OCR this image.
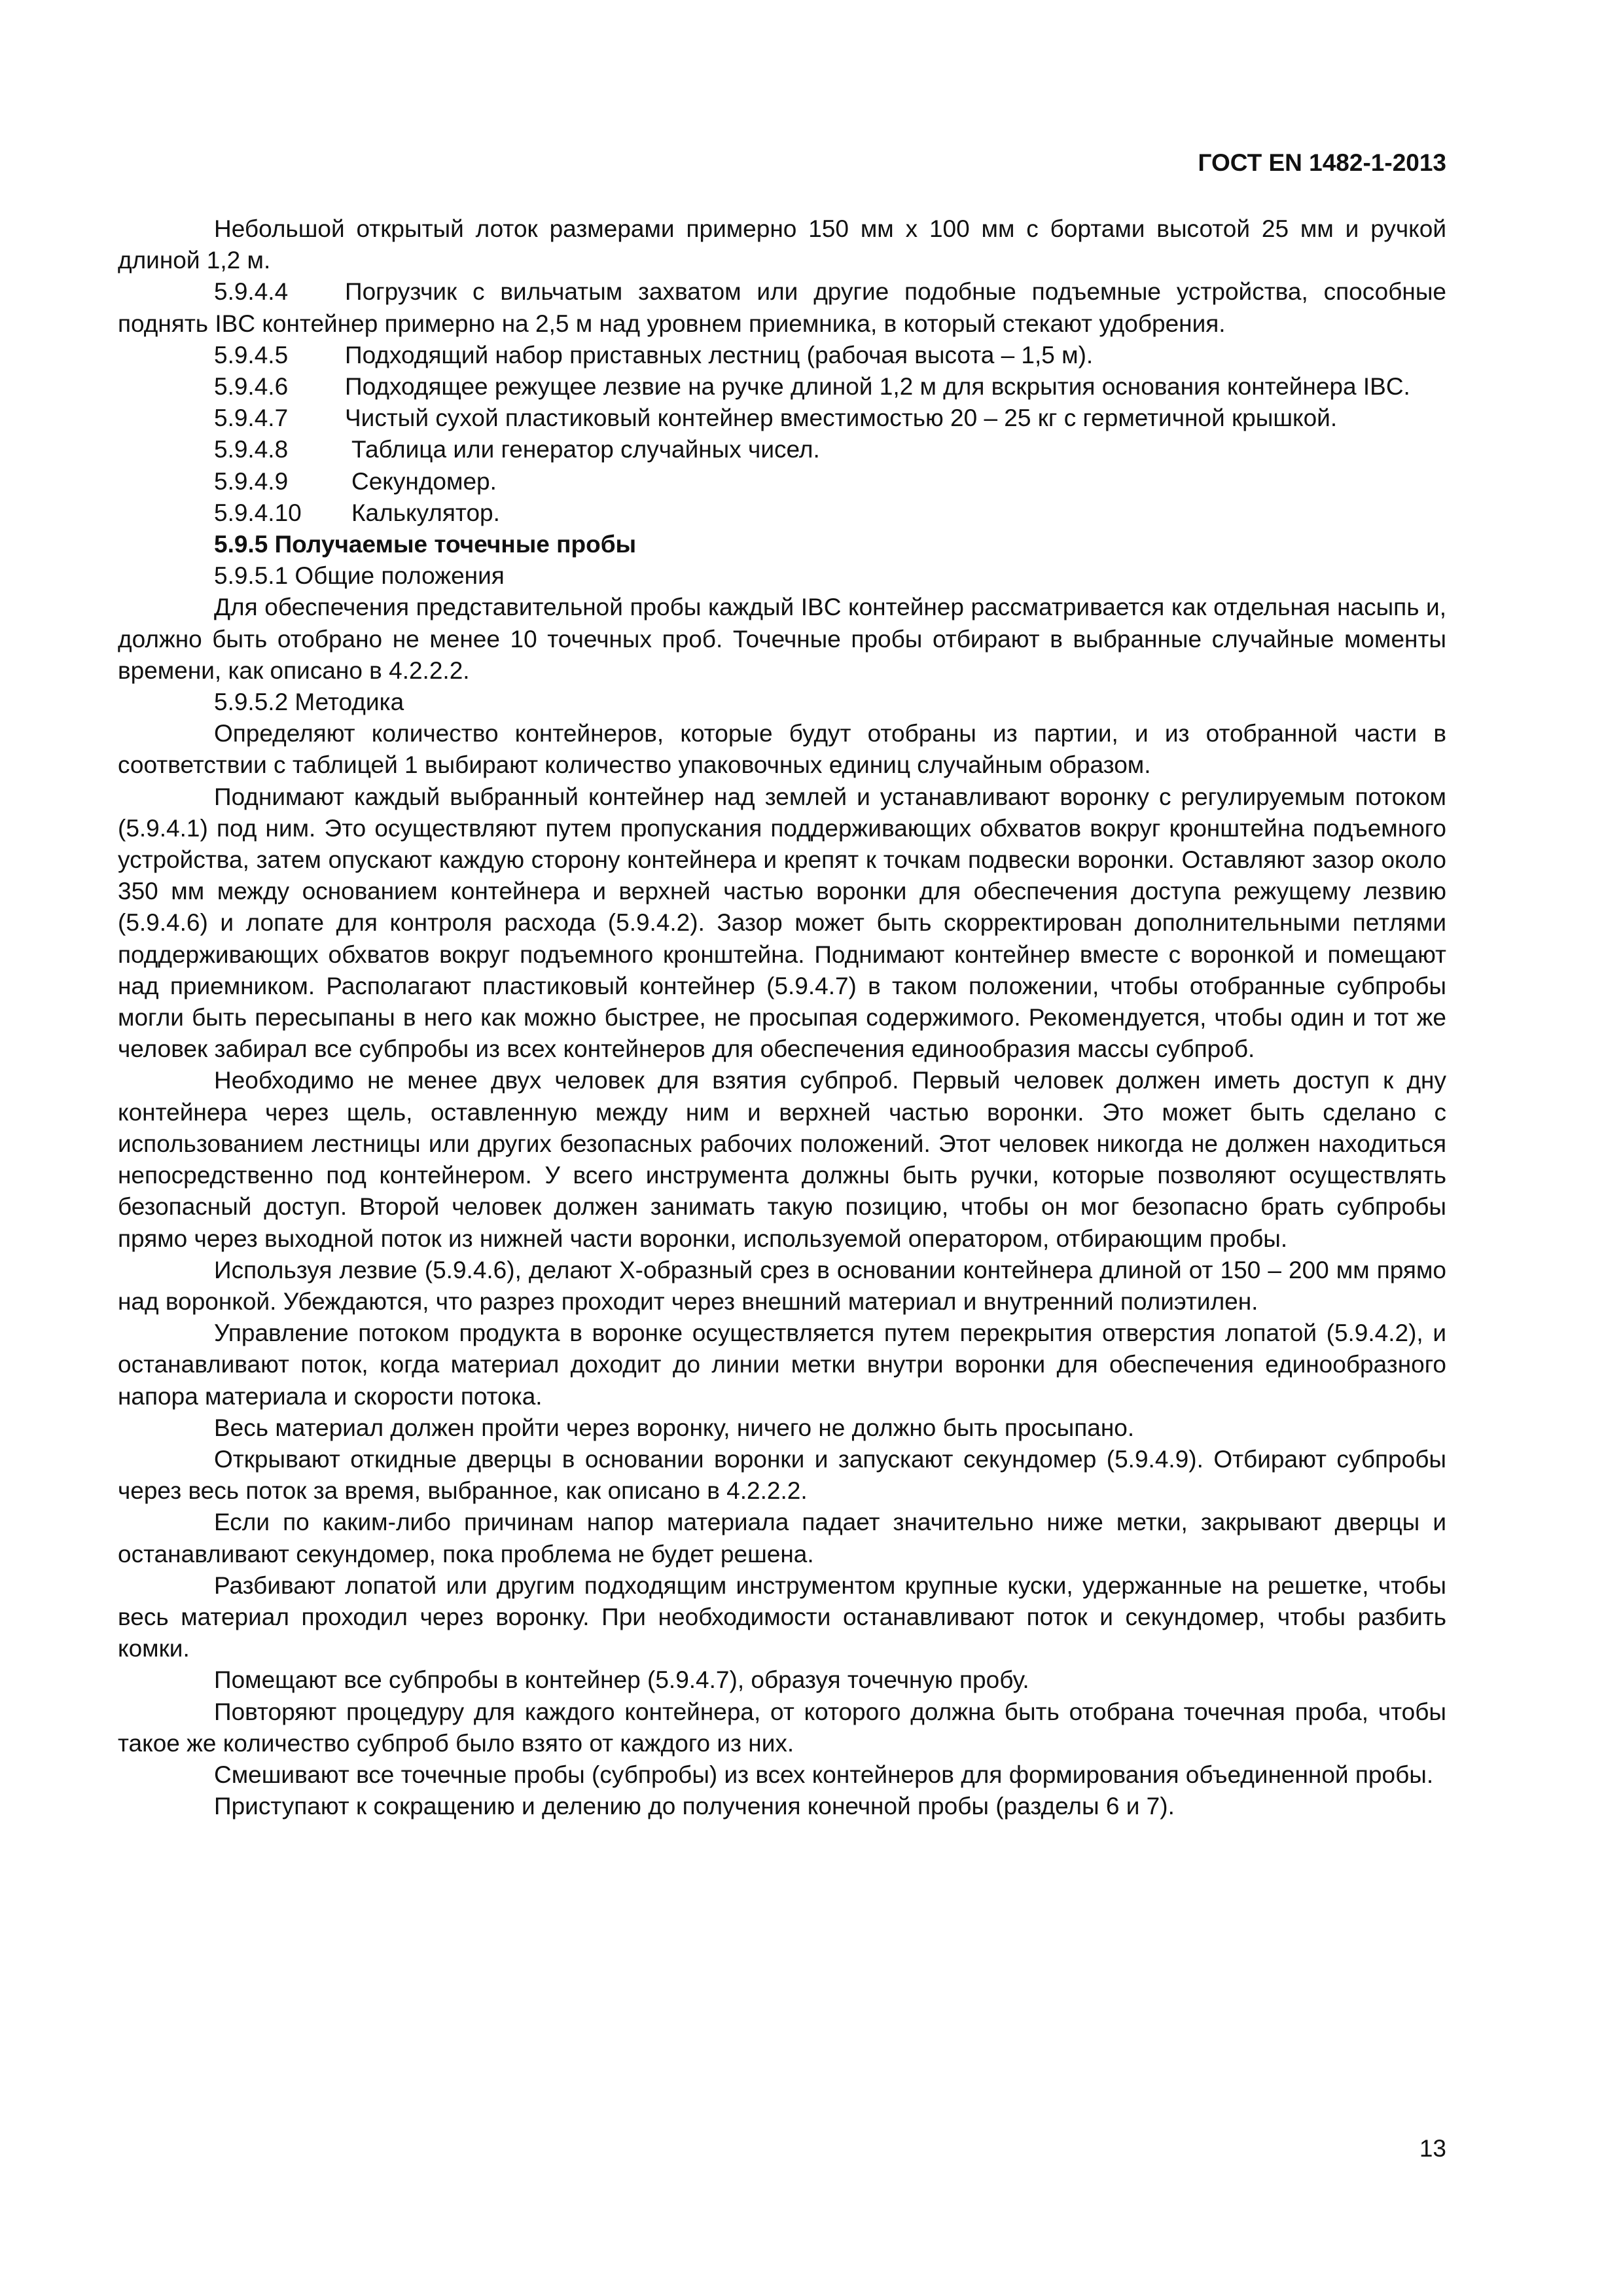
ГОСТ EN 1482-1-2013

Небольшой открытый лоток размерами примерно 150 мм х 100 мм с бортами высотой 25 мм и ручкой длиной 1,2 м.

5.9.4.4 Погрузчик с вильчатым захватом или другие подобные подъемные устройства, способные поднять IBC контейнер примерно на 2,5 м над уровнем приемника, в который стекают удобрения.

5.9.4.5 Подходящий набор приставных лестниц (рабочая высота – 1,5 м).

5.9.4.6 Подходящее режущее лезвие на ручке длиной 1,2 м для вскрытия основания контейнера IBC.

5.9.4.7 Чистый сухой пластиковый контейнер вместимостью 20 – 25 кг с герметичной крышкой.

5.9.4.8	Таблица или генератор случайных чисел.

5.9.4.9	Секундомер.

5.9.4.10 Калькулятор.

5.9.5 Получаемые точечные пробы

5.9.5.1 Общие положения

Для обеспечения представительной пробы каждый IBC контейнер рассматривается как отдельная насыпь и, должно быть отобрано не менее 10 точечных проб. Точечные пробы отбирают в выбранные случайные моменты времени, как описано в 4.2.2.2.

5.9.5.2 Методика

Определяют количество контейнеров, которые будут отобраны из партии, и из отобранной части в соответствии с таблицей 1 выбирают количество упаковочных единиц случайным образом.

Поднимают каждый выбранный контейнер над землей и устанавливают воронку с регулируемым потоком (5.9.4.1) под ним. Это осуществляют путем пропускания поддерживающих обхватов вокруг кронштейна подъемного устройства, затем опускают каждую сторону контейнера и крепят к точкам подвески воронки. Оставляют зазор около 350 мм между основанием контейнера и верхней частью воронки для обеспечения доступа режущему лезвию (5.9.4.6) и лопате для контроля расхода (5.9.4.2). Зазор может быть скорректирован дополнительными петлями поддерживающих обхватов вокруг подъемного кронштейна. Поднимают контейнер вместе с воронкой и помещают над приемником. Располагают пластиковый контейнер (5.9.4.7) в таком положении, чтобы отобранные субпробы могли быть пересыпаны в него как можно быстрее, не просыпая содержимого. Рекомендуется, чтобы один и тот же человек забирал все субпробы из всех контейнеров для обеспечения единообразия массы субпроб.

Необходимо не менее двух человек для взятия субпроб. Первый человек должен иметь доступ к дну контейнера через щель, оставленную между ним и верхней частью воронки. Это может быть сделано с использованием лестницы или других безопасных рабочих положений. Этот человек никогда не должен находиться непосредственно под контейнером. У всего инструмента должны быть ручки, которые позволяют осуществлять безопасный доступ. Второй человек должен занимать такую позицию, чтобы он мог безопасно брать субпробы прямо через выходной поток из нижней части воронки, используемой оператором, отбирающим пробы.

Используя лезвие (5.9.4.6), делают X-образный срез в основании контейнера длиной от 150 – 200 мм прямо над воронкой. Убеждаются, что разрез проходит через внешний материал и внутренний полиэтилен.

Управление потоком продукта в воронке осуществляется путем перекрытия отверстия лопатой (5.9.4.2), и останавливают поток, когда материал доходит до линии метки внутри воронки для обеспечения единообразного напора материала и скорости потока.

Весь материал должен пройти через воронку, ничего не должно быть просыпано.

Открывают откидные дверцы в основании воронки и запускают секундомер (5.9.4.9). Отбирают субпробы через весь поток за время, выбранное, как описано в 4.2.2.2.

Если по каким-либо причинам напор материала падает значительно ниже метки, закрывают дверцы и останавливают секундомер, пока проблема не будет решена.

Разбивают лопатой или другим подходящим инструментом крупные куски, удержанные на решетке, чтобы весь материал проходил через воронку. При необходимости останавливают поток и секундомер, чтобы разбить комки.

Помещают все субпробы в контейнер (5.9.4.7), образуя точечную пробу.

Повторяют процедуру для каждого контейнера, от которого должна быть отобрана точечная проба, чтобы такое же количество субпроб было взято от каждого из них.

Смешивают все точечные пробы (субпробы) из всех контейнеров для формирования объединенной пробы.

Приступают к сокращению и делению до получения конечной пробы (разделы 6 и 7).

13
